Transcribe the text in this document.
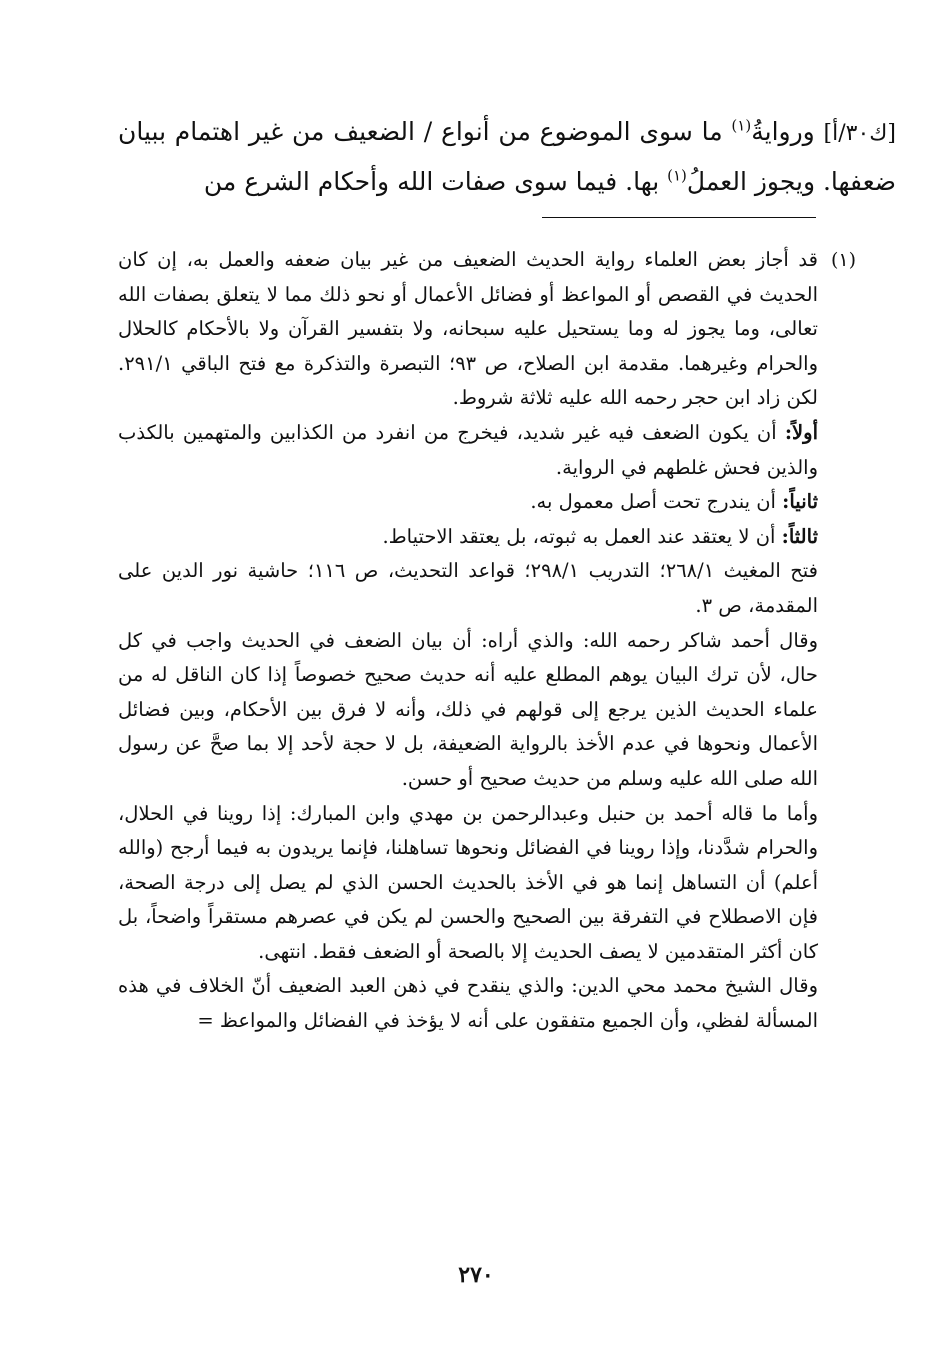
[ك٣٠/أ] وروايةُ$^{(١)}$ ما سوى الموضوع من أنواع / الضعيف من غير اهتمام ببيان ضعفها. ويجوز العملُ$^{(١)}$ بها. فيما سوى صفات الله وأحكام الشرع من

(١)
قد أجاز بعض العلماء رواية الحديث الضعيف من غير بيان ضعفه والعمل به، إن كان الحديث في القصص أو المواعظ أو فضائل الأعمال أو نحو ذلك مما لا يتعلق بصفات الله تعالى، وما يجوز له وما يستحيل عليه سبحانه، ولا بتفسير القرآن ولا بالأحكام كالحلال والحرام وغيرهما. مقدمة ابن الصلاح، ص ٩٣؛ التبصرة والتذكرة مع فتح الباقي ٢٩١/١. لكن زاد ابن حجر رحمه الله عليه ثلاثة شروط.

أولاً: أن يكون الضعف فيه غير شديد، فيخرج من انفرد من الكذابين والمتهمين بالكذب والذين فحش غلطهم في الرواية.

ثانياً: أن يندرج تحت أصل معمول به.

ثالثاً: أن لا يعتقد عند العمل به ثبوته، بل يعتقد الاحتياط.

فتح المغيث ٢٦٨/١؛ التدريب ٢٩٨/١؛ قواعد التحديث، ص ١١٦؛ حاشية نور الدين على المقدمة، ص ٣.

وقال أحمد شاكر رحمه الله: والذي أراه: أن بيان الضعف في الحديث واجب في كل حال، لأن ترك البيان يوهم المطلع عليه أنه حديث صحيح خصوصاً إذا كان الناقل له من علماء الحديث الذين يرجع إلى قولهم في ذلك، وأنه لا فرق بين الأحكام، وبين فضائل الأعمال ونحوها في عدم الأخذ بالرواية الضعيفة، بل لا حجة لأحد إلا بما صحَّ عن رسول الله صلى الله عليه وسلم من حديث صحيح أو حسن.

وأما ما قاله أحمد بن حنبل وعبدالرحمن بن مهدي وابن المبارك: إذا روينا في الحلال، والحرام شدَّدنا، وإذا روينا في الفضائل ونحوها تساهلنا، فإنما يريدون به فيما أرجح (والله أعلم) أن التساهل إنما هو في الأخذ بالحديث الحسن الذي لم يصل إلى درجة الصحة، فإن الاصطلاح في التفرقة بين الصحيح والحسن لم يكن في عصرهم مستقراً واضحاً، بل كان أكثر المتقدمين لا يصف الحديث إلا بالصحة أو الضعف فقط. انتهى.

وقال الشيخ محمد محي الدين: والذي ينقدح في ذهن العبد الضعيف أنّ الخلاف في هذه المسألة لفظي، وأن الجميع متفقون على أنه لا يؤخذ في الفضائل والمواعظ =

٢٧٠
